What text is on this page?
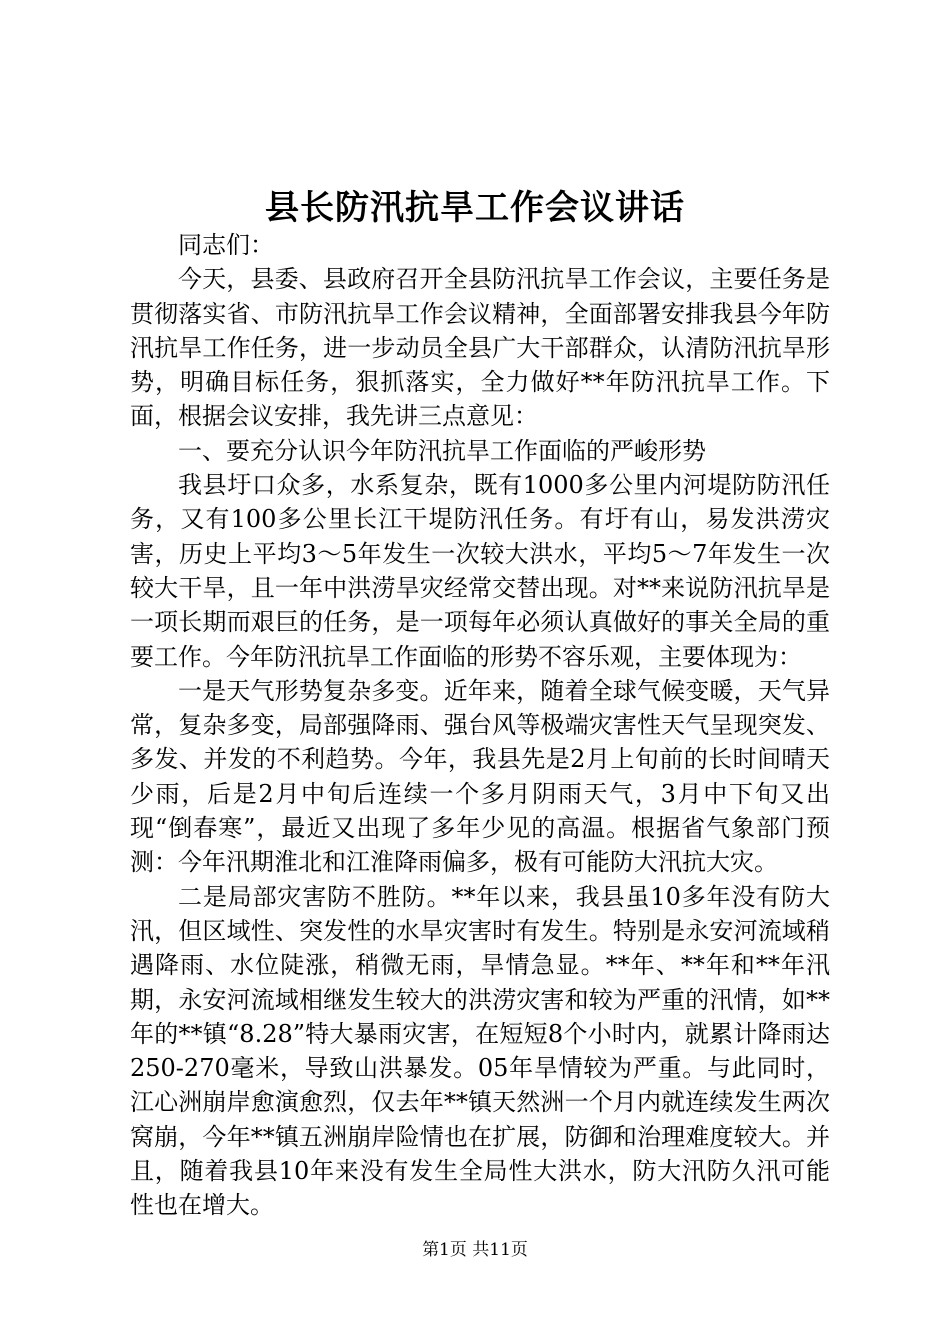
县长防汛抗旱工作会议讲话

同志们：

今天，县委、县政府召开全县防汛抗旱工作会议，主要任务是贯彻落实省、市防汛抗旱工作会议精神，全面部署安排我县今年防汛抗旱工作任务，进一步动员全县广大干部群众，认清防汛抗旱形势，明确目标任务，狠抓落实，全力做好**年防汛抗旱工作。下面，根据会议安排，我先讲三点意见：

一、要充分认识今年防汛抗旱工作面临的严峻形势

我县圩口众多，水系复杂，既有1000多公里内河堤防防汛任务，又有100多公里长江干堤防汛任务。有圩有山，易发洪涝灾害，历史上平均3～5年发生一次较大洪水，平均5～7年发生一次较大干旱，且一年中洪涝旱灾经常交替出现。对**来说防汛抗旱是一项长期而艰巨的任务，是一项每年必须认真做好的事关全局的重要工作。今年防汛抗旱工作面临的形势不容乐观，主要体现为：

一是天气形势复杂多变。近年来，随着全球气候变暖，天气异常，复杂多变，局部强降雨、强台风等极端灾害性天气呈现突发、多发、并发的不利趋势。今年，我县先是2月上旬前的长时间晴天少雨，后是2月中旬后连续一个多月阴雨天气，3月中下旬又出现“倒春寒”，最近又出现了多年少见的高温。根据省气象部门预测：今年汛期淮北和江淮降雨偏多，极有可能防大汛抗大灾。

二是局部灾害防不胜防。**年以来，我县虽10多年没有防大汛，但区域性、突发性的水旱灾害时有发生。特别是永安河流域稍遇降雨、水位陡涨，稍微无雨，旱情急显。**年、**年和**年汛期，永安河流域相继发生较大的洪涝灾害和较为严重的汛情，如**年的**镇“8.28”特大暴雨灾害，在短短8个小时内，就累计降雨达250-270毫米，导致山洪暴发。05年旱情较为严重。与此同时，江心洲崩岸愈演愈烈，仅去年**镇天然洲一个月内就连续发生两次窝崩，今年**镇五洲崩岸险情也在扩展，防御和治理难度较大。并且，随着我县10年来没有发生全局性大洪水，防大汛防久汛可能性也在增大。

第1页 共11页
